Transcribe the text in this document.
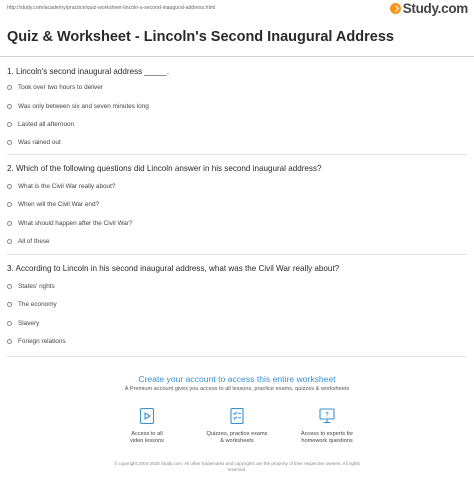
http://study.com/academy/practice/quiz-worksheet-lincoln-s-second-inaugural-address.html	Study.com
Quiz & Worksheet - Lincoln's Second Inaugural Address
1. Lincoln's second inaugural address _____.
Took over two hours to deliver
Was only between six and seven minutes long
Lasted all afternoon
Was rained out
2. Which of the following questions did Lincoln answer in his second inaugural address?
What is the Civil War really about?
When will the Civil War end?
What should happen after the Civil War?
All of these
3. According to Lincoln in his second inaugural address, what was the Civil War really about?
States' rights
The economy
Slavery
Foreign relations
Create your account to access this entire worksheet
A Premium account gives you access to all lessons, practice exams, quizzes & worksheets
Access to all
video lessons
Quizzes, practice exams
& worksheets
?
Access to experts for
homework questions
© copyright 2003-2020 Study.com. All other trademarks and copyrights are the property of their respective owners. All rights
reserved.
